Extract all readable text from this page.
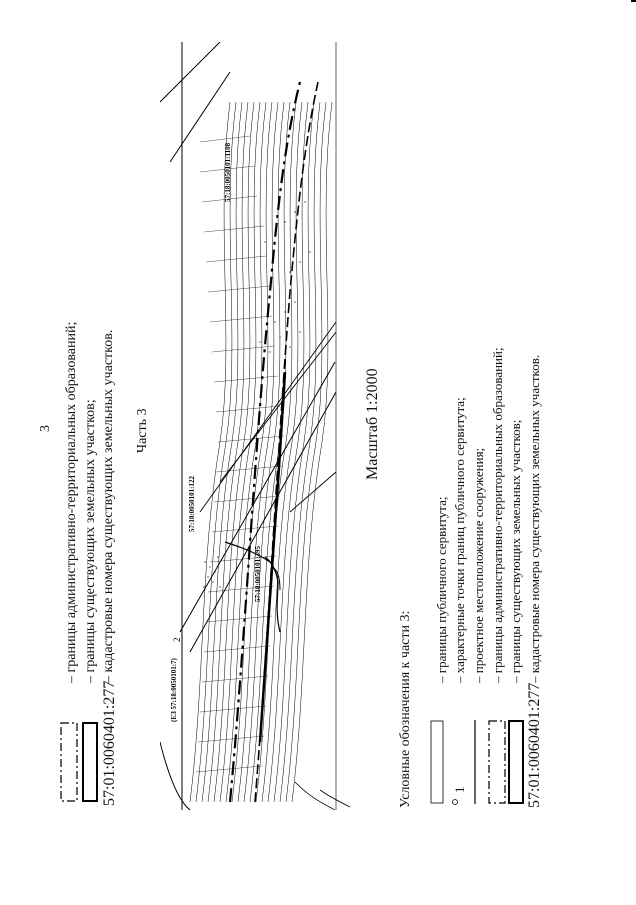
3
57:01:0060401:277
– границы административно-территориальных образований; – границы существующих земельных участков; – кадастровые номера существующих земельных участков. Часть 3
57:18:0050101:1108
57:18:0050101:122
57:18:0050101:395
(ЕЗ 57:18:0050101:7)
2
Масштаб 1:2000
Условные обозначения к части 3:	1	57:01:0060401:277
– границы публичного сервитута; – характерные точки границ публичного сервитута; – проектное местоположение сооружения; – границы административно-территориальных образований; – границы существующих земельных участков; – кадастровые номера существующих земельных участков.
